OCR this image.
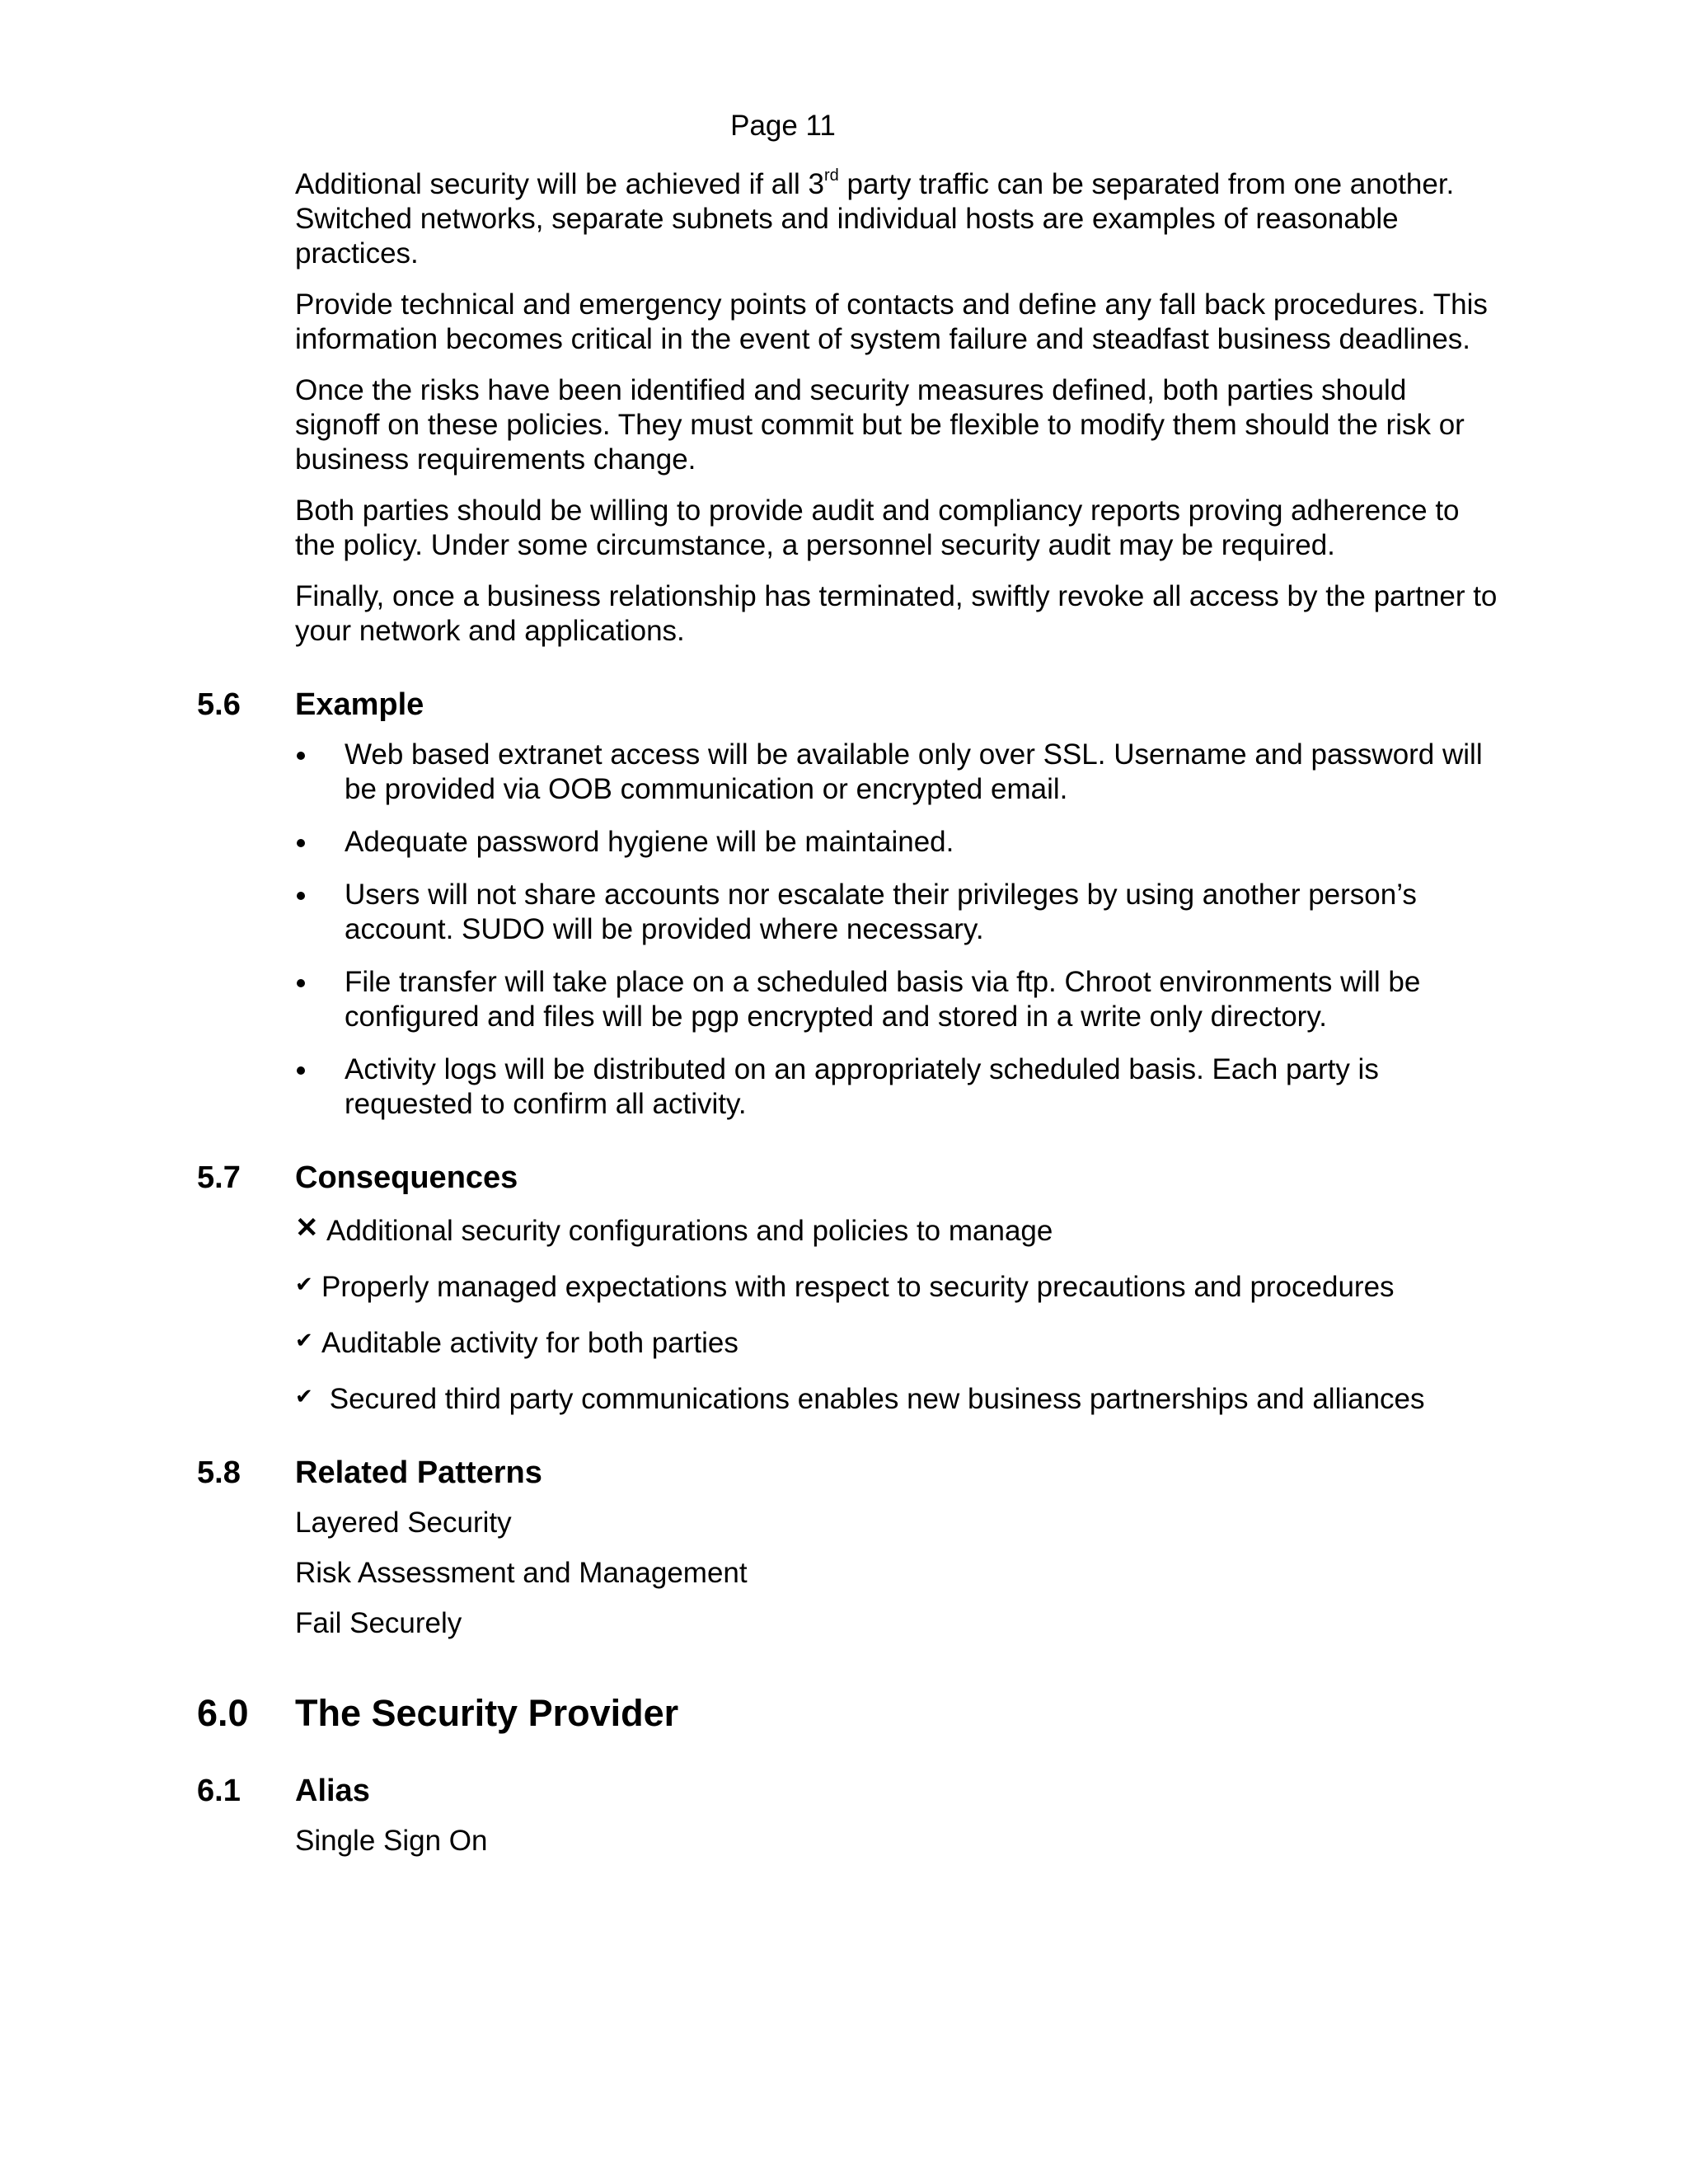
Page 11

Additional security will be achieved if all 3rd party traffic can be separated from one another. Switched networks, separate subnets and individual hosts are examples of reasonable practices.

Provide technical and emergency points of contacts and define any fall back procedures. This information becomes critical in the event of system failure and steadfast business deadlines.

Once the risks have been identified and security measures defined, both parties should signoff on these policies. They must commit but be flexible to modify them should the risk or business requirements change.

Both parties should be willing to provide audit and compliancy reports proving adherence to the policy. Under some circumstance, a personnel security audit may be required.

Finally, once a business relationship has terminated, swiftly revoke all access by the partner to your network and applications.

5.6 Example
Web based extranet access will be available only over SSL. Username and password will be provided via OOB communication or encrypted email.
Adequate password hygiene will be maintained.
Users will not share accounts nor escalate their privileges by using another person’s account. SUDO will be provided where necessary.
File transfer will take place on a scheduled basis via ftp. Chroot environments will be configured and files will be pgp encrypted and stored in a write only directory.
Activity logs will be distributed on an appropriately scheduled basis. Each party is requested to confirm all activity.
5.7 Consequences
✕ Additional security configurations and policies to manage
✔ Properly managed expectations with respect to security precautions and procedures
✔ Auditable activity for both parties
✔ Secured third party communications enables new business partnerships and alliances
5.8 Related Patterns
Layered Security
Risk Assessment and Management
Fail Securely
6.0 The Security Provider
6.1 Alias
Single Sign On
